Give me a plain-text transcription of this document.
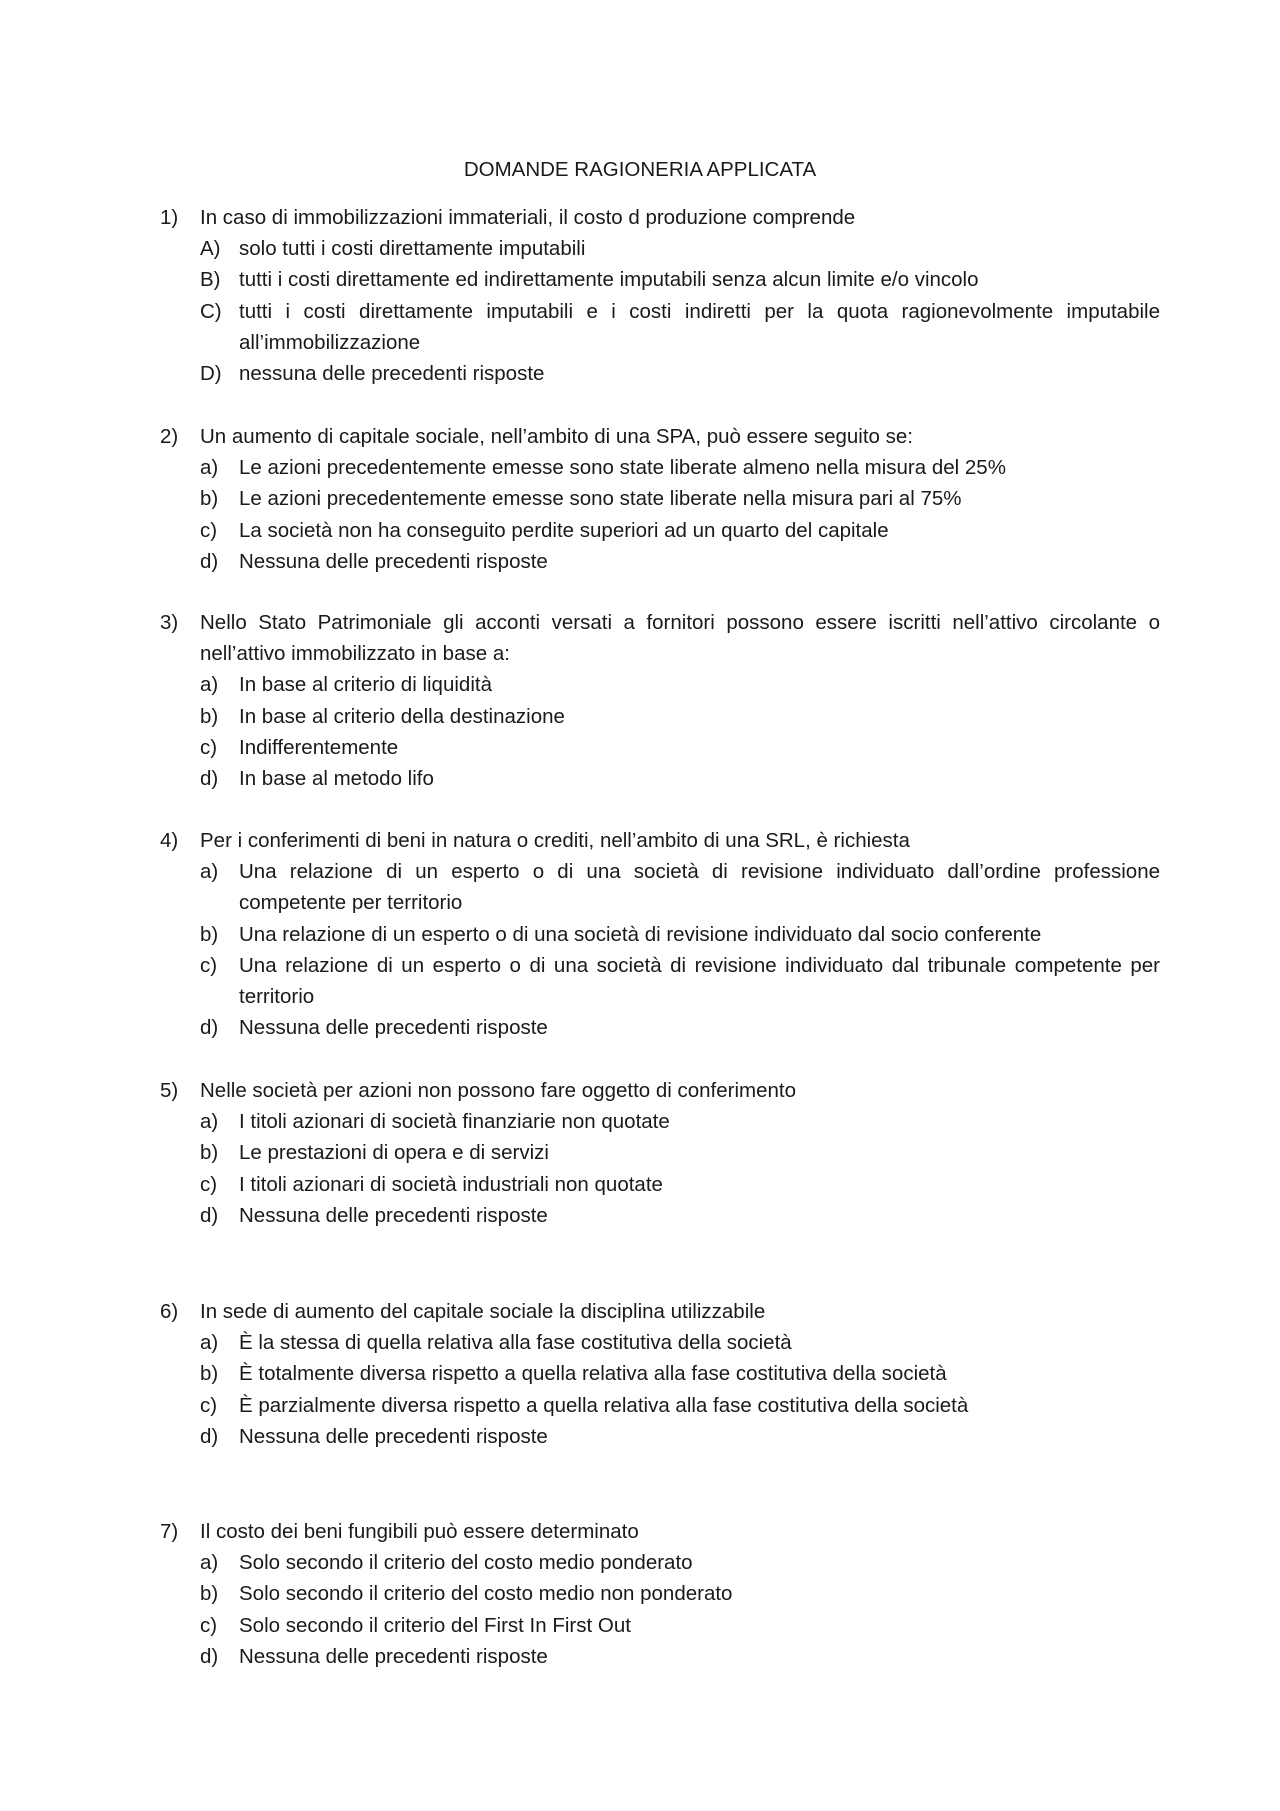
DOMANDE RAGIONERIA APPLICATA
1)	In caso di immobilizzazioni immateriali, il costo d produzione comprende
A) solo tutti i costi direttamente imputabili
B) tutti i costi direttamente ed indirettamente imputabili senza alcun limite e/o vincolo
C) tutti i costi direttamente imputabili e i costi indiretti per la quota ragionevolmente imputabile all’immobilizzazione
D) nessuna delle precedenti risposte
2)	Un aumento di capitale sociale, nell’ambito di una SPA, può essere seguito se:
a)	Le azioni precedentemente emesse sono state liberate almeno nella misura del 25%
b)	Le azioni precedentemente emesse sono state liberate nella misura pari al 75%
c)	La società non ha conseguito perdite superiori ad un quarto del capitale
d)	Nessuna delle precedenti risposte
3)	Nello Stato Patrimoniale gli acconti versati a fornitori possono essere iscritti nell’attivo circolante o nell’attivo immobilizzato in base a:
a)	In base al criterio di liquidità
b)	In base al criterio della destinazione
c)	Indifferentemente
d)	In base al metodo lifo
4)	Per i conferimenti di beni in natura o crediti, nell’ambito di una SRL, è richiesta
a)	Una relazione di un esperto o di una società di revisione individuato dall’ordine professione competente per territorio
b)	Una relazione di un esperto o di una società di revisione individuato dal socio conferente
c)	Una relazione di un esperto o di una società di revisione individuato dal tribunale competente per territorio
d)	Nessuna delle precedenti risposte
5)	Nelle società per azioni non possono fare oggetto di conferimento
a)	I titoli azionari di società finanziarie non quotate
b)	Le prestazioni di opera e di servizi
c)	I titoli azionari di società industriali non quotate
d)	Nessuna delle precedenti risposte
6)	In sede di aumento del capitale sociale la disciplina utilizzabile
a)	È la stessa di quella relativa alla fase costitutiva della società
b)	È totalmente diversa rispetto a quella relativa alla fase costitutiva della società
c)	È parzialmente diversa rispetto a quella relativa alla fase costitutiva della società
d)	Nessuna delle precedenti risposte
7)	Il costo dei beni fungibili può essere determinato
a)	Solo secondo il criterio del costo medio ponderato
b)	Solo secondo il criterio del costo medio non ponderato
c)	Solo secondo il criterio del First In First Out
d)	Nessuna delle precedenti risposte
